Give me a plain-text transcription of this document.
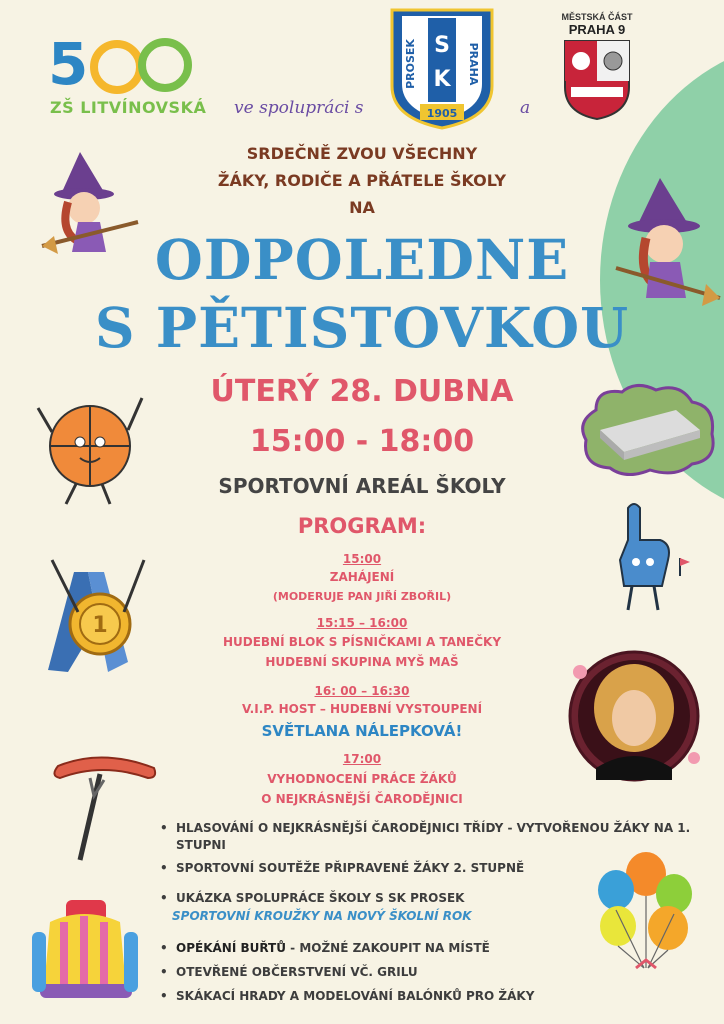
5
ZŠ LITVÍNOVSKÁ ve spolupráci s
S
K
PROSEK	PRAHA
1905	a
MĚSTSKÁ ČÁST
PRAHA 9
SRDEČNĚ ZVOU VŠECHNY
ŽÁKY, RODIČE A PŘÁTELE ŠKOLY
NA
ODPOLEDNE
S PĚTISTOVKOU
ÚTERÝ 28. DUBNA
15:00 - 18:00
SPORTOVNÍ AREÁL ŠKOLY
PROGRAM:
15:00
ZAHÁJENÍ
(MODERUJE PAN JIŘÍ ZBOŘIL)
15:15 – 16:00
HUDEBNÍ BLOK S PÍSNIČKAMI A TANEČKY
HUDEBNÍ SKUPINA MYŠ MAŠ
16: 00 – 16:30
V.I.P. HOST – HUDEBNÍ VYSTOUPENÍ
SVĚTLANA NÁLEPKOVÁ!
17:00
VYHODNOCENÍ PRÁCE ŽÁKŮ
O NEJKRÁSNĚJŠÍ ČARODĚJNICI
1
• HLASOVÁNÍ O NEJKRÁSNĚJŠÍ ČARODĚJNICI TŘÍDY - VYTVOŘENOU ŽÁKY NA 1. STUPNI
• SPORTOVNÍ SOUTĚŽE PŘIPRAVENÉ ŽÁKY 2. STUPNĚ
• UKÁZKA SPOLUPRÁCE ŠKOLY S SK PROSEK
SPORTOVNÍ KROUŽKY NA NOVÝ ŠKOLNÍ ROK
• OPÉKÁNÍ BUŘTŮ - MOŽNÉ ZAKOUPIT NA MÍSTĚ
• OTEVŘENÉ OBČERSTVENÍ VČ. GRILU
• SKÁKACÍ HRADY A MODELOVÁNÍ BALÓNKŮ PRO ŽÁKY
